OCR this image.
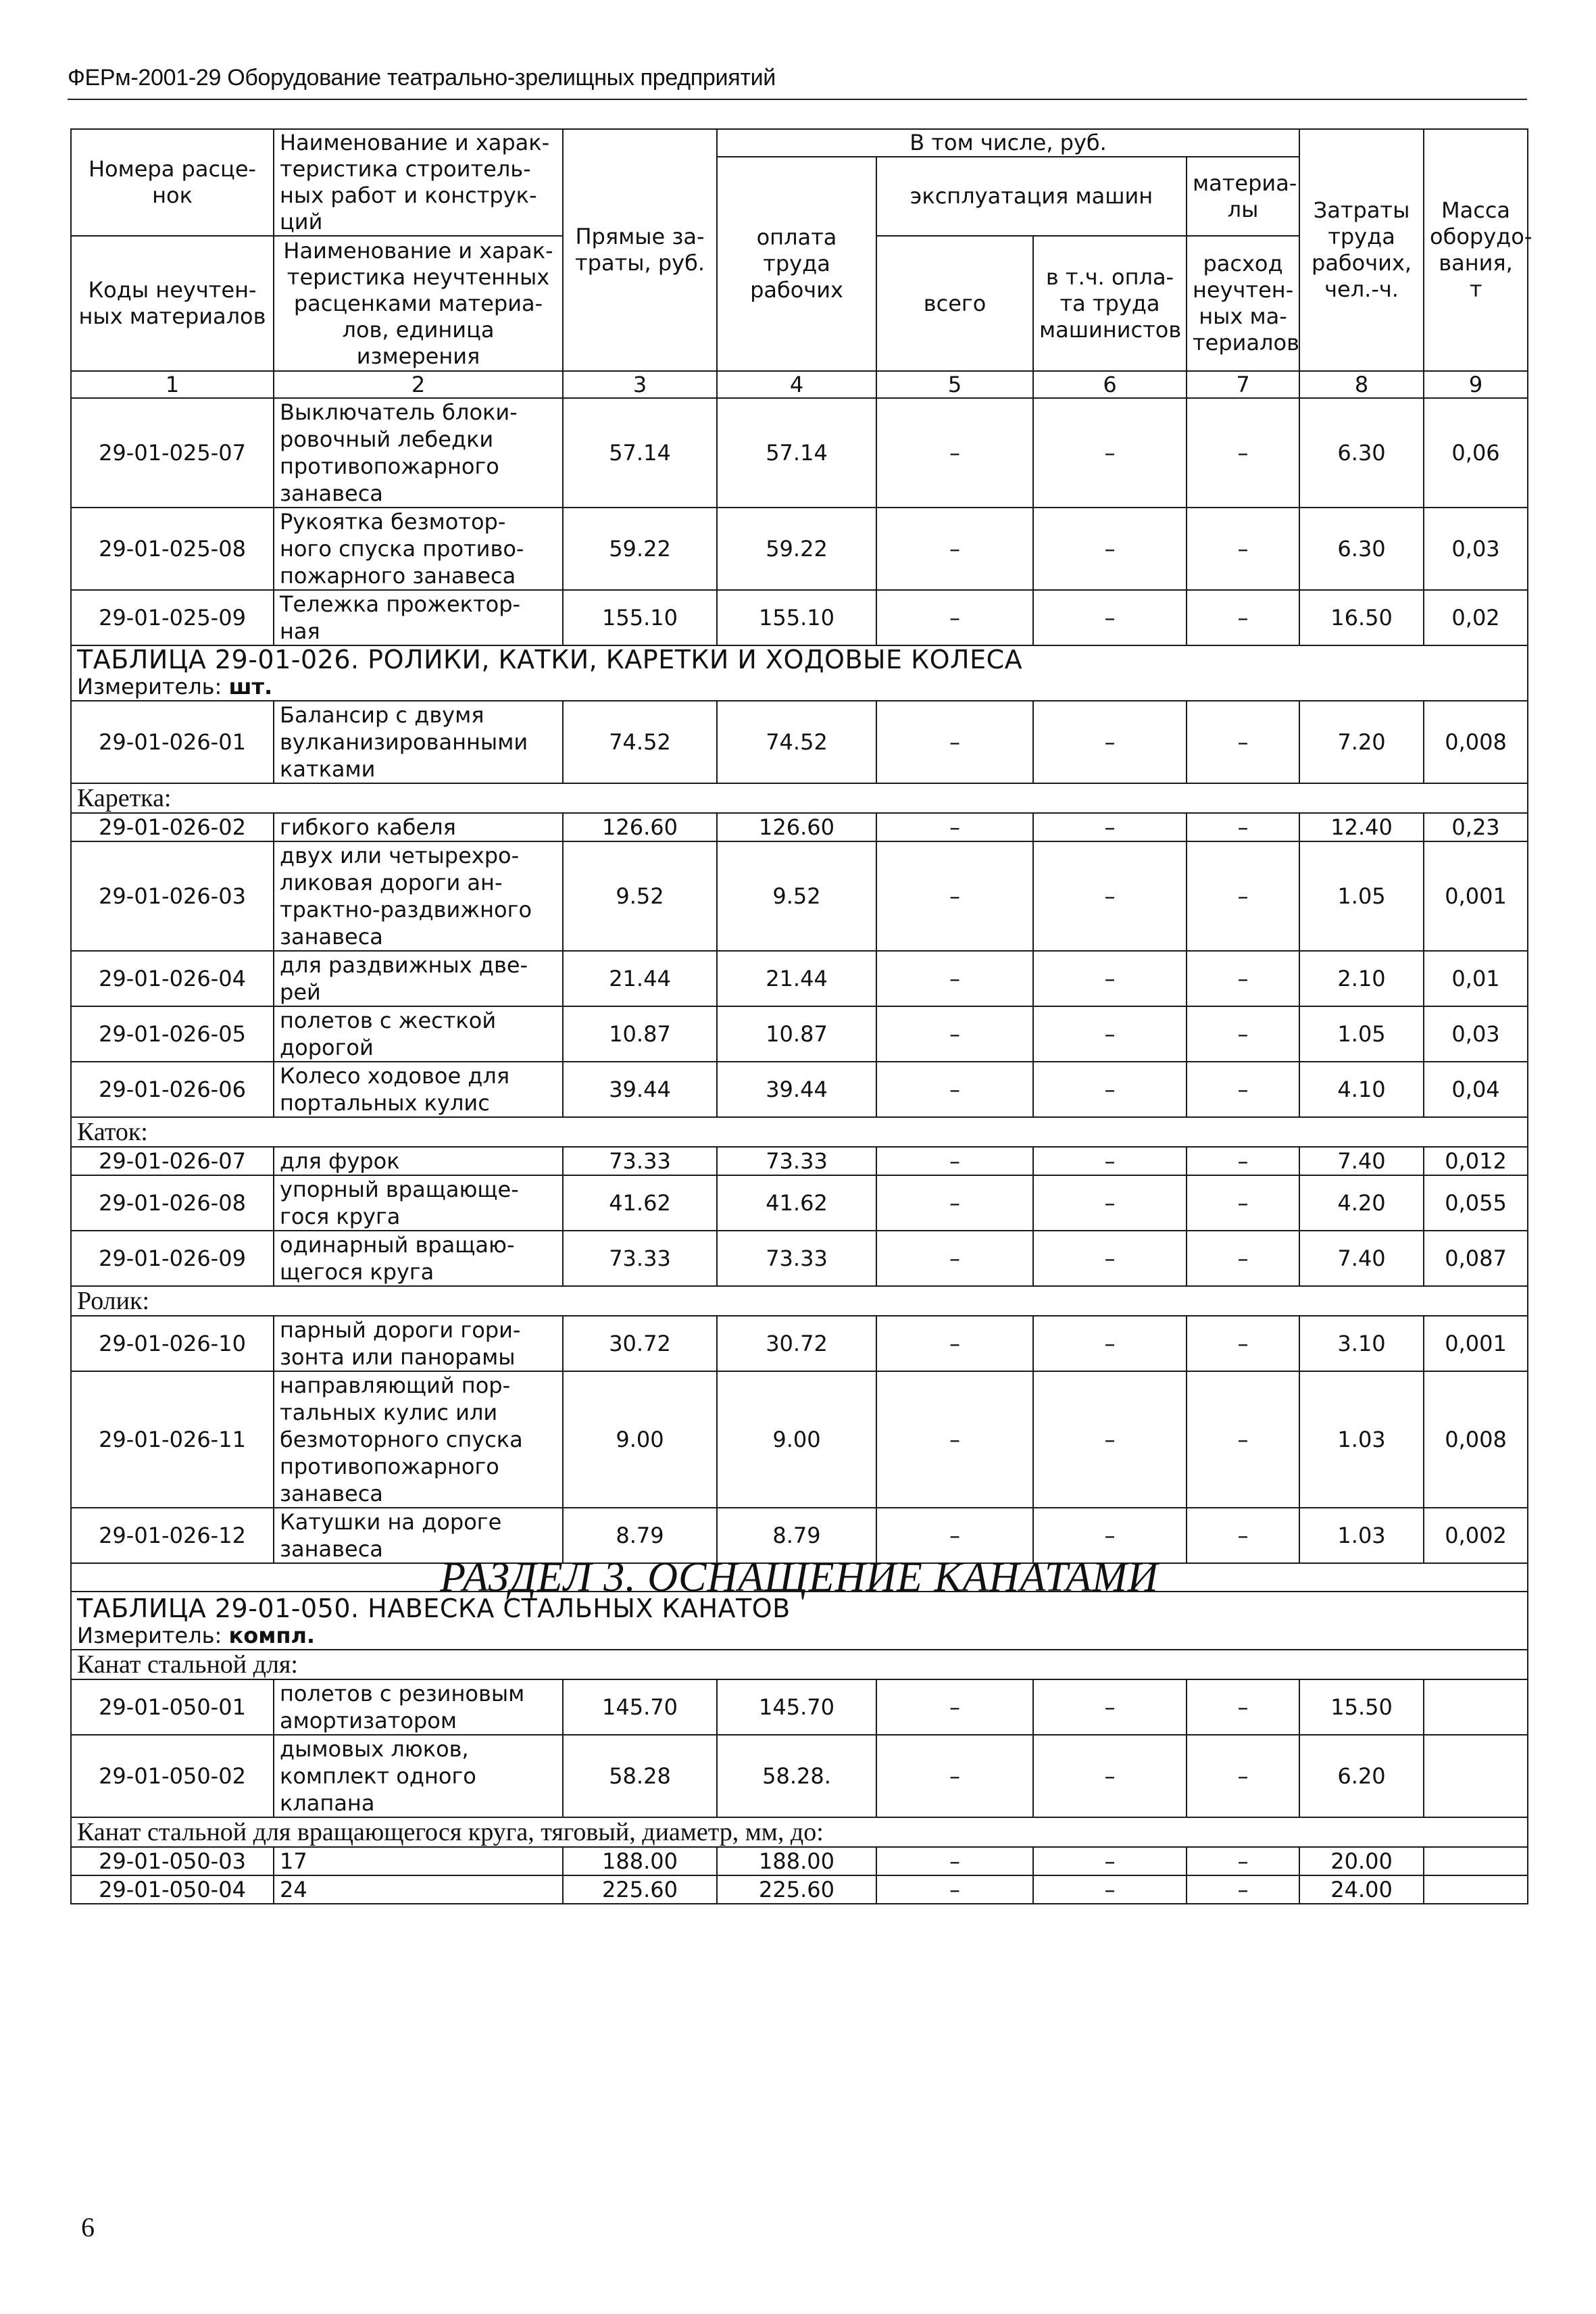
ФЕРм-2001-29 Оборудование театрально-зрелищных предприятий
Номера расце-нок	Наименование и харак-теристика строитель-ных работ и конструк-ций	Прямые за-траты, руб.	В том числе, руб.				Затраты труда рабочих, чел.-ч.	Масса оборудо-вания, т
			оплата труда рабочих	эксплуатация машин		материа-лы		
Коды неучтен-ных материалов	Наименование и харак-теристика неучтенных расценками материа-лов, единица измерения			всего	в т.ч. опла-та труда машинистов	расход неучтен-ных ма-териалов		

1	2	3	4	5	6	7	8	9
29-01-025-07	Выключатель блоки-ровочный лебедки противопожарного занавеса	57.14	57.14	–	–	–	6.30	0,06
29-01-025-08	Рукоятка безмотор-ного спуска противо-пожарного занавеса	59.22	59.22	–	–	–	6.30	0,03
29-01-025-09	Тележка прожектор-ная	155.10	155.10	–	–	–	16.50	0,02
ТАБЛИЦА 29-01-026. РОЛИКИ, КАТКИ, КАРЕТКИ И ХОДОВЫЕ КОЛЕСА								
Измеритель: шт.								
29-01-026-01	Балансир с двумя вулканизированными катками	74.52	74.52	–	–	–	7.20	0,008
Каретка:								
29-01-026-02	гибкого кабеля	126.60	126.60	–	–	–	12.40	0,23
29-01-026-03	двух или четырехро-ликовая дороги ан-трактно-раздвижного занавеса	9.52	9.52	–	–	–	1.05	0,001
29-01-026-04	для раздвижных две-рей	21.44	21.44	–	–	–	2.10	0,01
29-01-026-05	полетов с жесткой дорогой	10.87	10.87	–	–	–	1.05	0,03
29-01-026-06	Колесо ходовое для портальных кулис	39.44	39.44	–	–	–	4.10	0,04
Каток:								
29-01-026-07	для фурок	73.33	73.33	–	–	–	7.40	0,012
29-01-026-08	упорный вращающе-гося круга	41.62	41.62	–	–	–	4.20	0,055
29-01-026-09	одинарный вращаю-щегося круга	73.33	73.33	–	–	–	7.40	0,087
Ролик:								
29-01-026-10	парный дороги гори-зонта или панорамы	30.72	30.72	–	–	–	3.10	0,001
29-01-026-11	направляющий пор-тальных кулис или безмоторного спуска противопожарного занавеса	9.00	9.00	–	–	–	1.03	0,008
29-01-026-12	Катушки на дороге занавеса	8.79	8.79	–	–	–	1.03	0,002
РАЗДЕЛ 3. ОСНАЩЕНИЕ КАНАТАМИ								
ТАБЛИЦА 29-01-050. НАВЕСКА СТАЛЬНЫХ КАНАТОВ								
Измеритель: компл.								
Канат стальной для:								
29-01-050-01	полетов с резиновым амортизатором	145.70	145.70	–	–	–	15.50	
29-01-050-02	дымовых люков, комплект одного клапана	58.28	58.28.	–	–	–	6.20	
Канат стальной для вращающегося круга, тяговый, диаметр, мм, до:								
29-01-050-03	17	188.00	188.00	–	–	–	20.00	
29-01-050-04	24	225.60	225.60	–	–	–	24.00	
6
